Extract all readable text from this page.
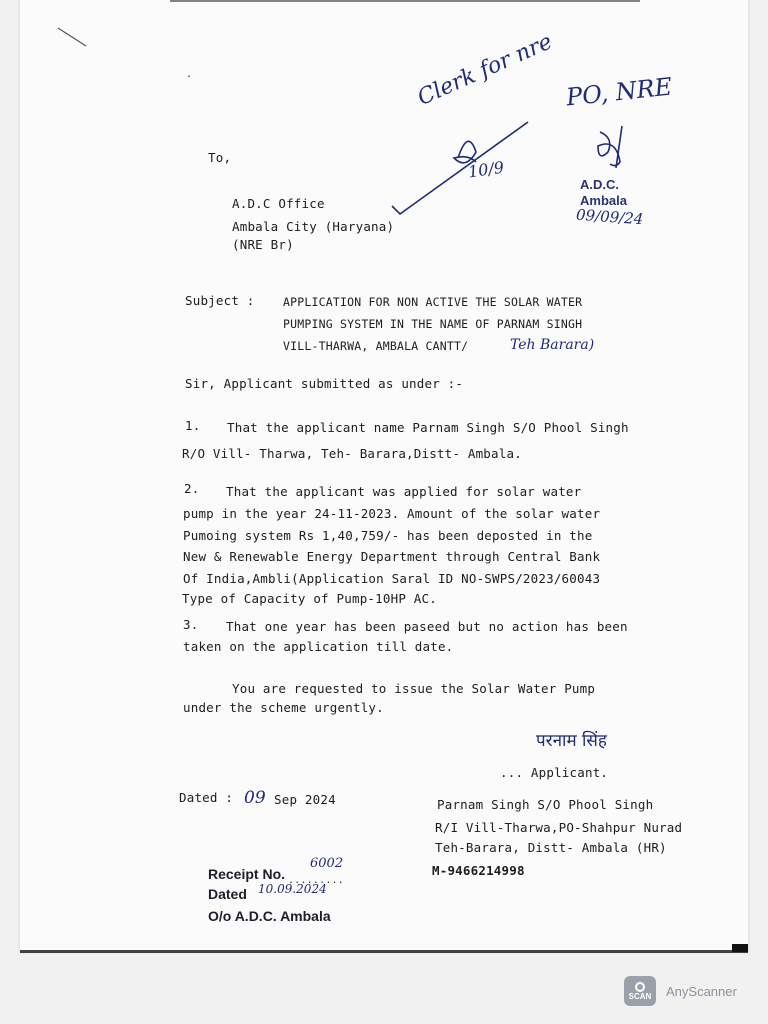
.
To,
A.D.C Office
Ambala City (Haryana)
(NRE Br)
Clerk for nre PO, NRE
10/9
A.D.C.
Ambala
09/09/24
Subject : APPLICATION FOR NON ACTIVE THE SOLAR WATER
PUMPING SYSTEM IN THE NAME OF PARNAM SINGH
VILL-THARWA, AMBALA CANTT/	Teh Barara)
Sir, Applicant submitted as under :-
1. That the applicant name Parnam Singh S/O Phool Singh
R/O Vill- Tharwa, Teh- Barara,Distt- Ambala.
2. That the applicant was applied for solar water
pump in the year 24-11-2023. Amount of the solar water
Pumoing system Rs 1,40,759/- has been deposted in the
New & Renewable Energy Department through Central Bank
Of India,Ambli(Application Saral ID NO-SWPS/2023/60043
Type of Capacity of Pump-10HP AC.
3. That one year has been paseed but no action has been
taken on the application till date.
You are requested to issue the Solar Water Pump
under the scheme urgently.
परनाम सिंह
... Applicant.
Dated : 09 Sep 2024	Parnam Singh S/O Phool Singh
R/I Vill-Tharwa,PO-Shahpur Nurad
Teh-Barara, Distt- Ambala (HR)
M-9466214998
Receipt No. .........
6002
Dated 10.09.2024
O/o A.D.C. Ambala
SCAN AnyScanner
